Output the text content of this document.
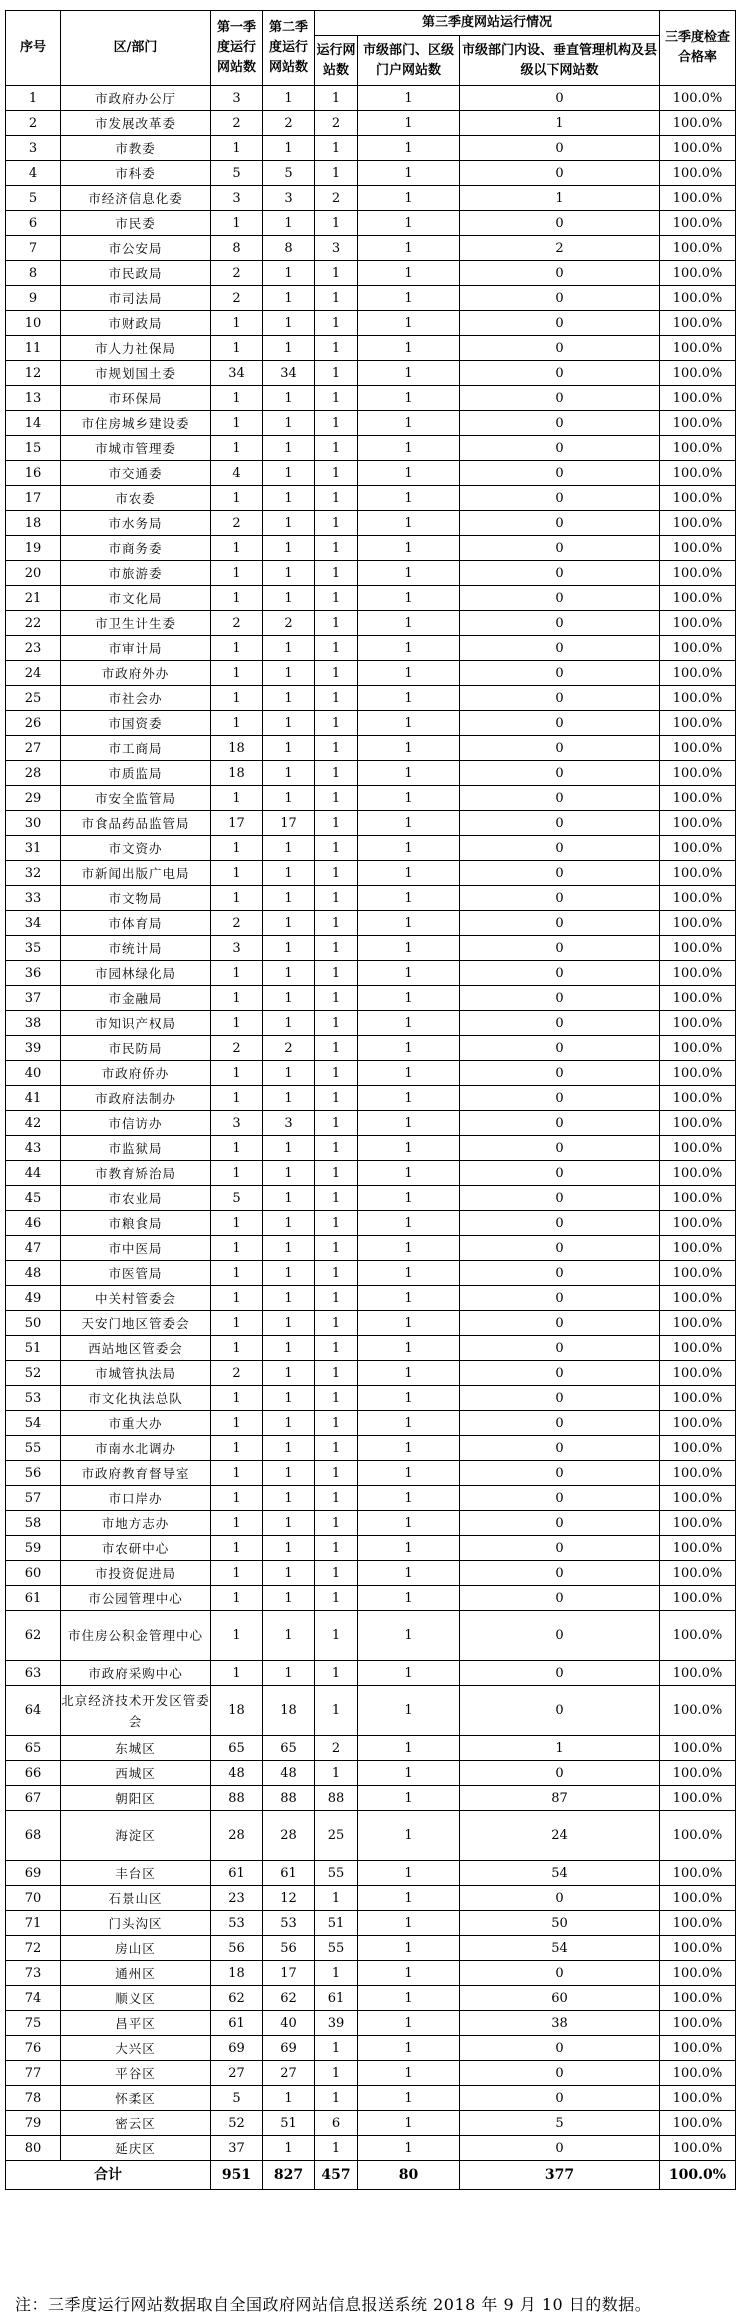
序号	区/部门	第一季度运行网站数	第二季度运行网站数	第三季度网站运行情况			三季度检查合格率
				运行网站数	市级部门、区级门户网站数	市级部门内设、垂直管理机构及县级以下网站数	
1	市政府办公厅	3	1	1	1	0	100.0%
2	市发展改革委	2	2	2	1	1	100.0%
3	市教委	1	1	1	1	0	100.0%
4	市科委	5	5	1	1	0	100.0%
5	市经济信息化委	3	3	2	1	1	100.0%
6	市民委	1	1	1	1	0	100.0%
7	市公安局	8	8	3	1	2	100.0%
8	市民政局	2	1	1	1	0	100.0%
9	市司法局	2	1	1	1	0	100.0%
10	市财政局	1	1	1	1	0	100.0%
11	市人力社保局	1	1	1	1	0	100.0%
12	市规划国土委	34	34	1	1	0	100.0%
13	市环保局	1	1	1	1	0	100.0%
14	市住房城乡建设委	1	1	1	1	0	100.0%
15	市城市管理委	1	1	1	1	0	100.0%
16	市交通委	4	1	1	1	0	100.0%
17	市农委	1	1	1	1	0	100.0%
18	市水务局	2	1	1	1	0	100.0%
19	市商务委	1	1	1	1	0	100.0%
20	市旅游委	1	1	1	1	0	100.0%
21	市文化局	1	1	1	1	0	100.0%
22	市卫生计生委	2	2	1	1	0	100.0%
23	市审计局	1	1	1	1	0	100.0%
24	市政府外办	1	1	1	1	0	100.0%
25	市社会办	1	1	1	1	0	100.0%
26	市国资委	1	1	1	1	0	100.0%
27	市工商局	18	1	1	1	0	100.0%
28	市质监局	18	1	1	1	0	100.0%
29	市安全监管局	1	1	1	1	0	100.0%
30	市食品药品监管局	17	17	1	1	0	100.0%
31	市文资办	1	1	1	1	0	100.0%
32	市新闻出版广电局	1	1	1	1	0	100.0%
33	市文物局	1	1	1	1	0	100.0%
34	市体育局	2	1	1	1	0	100.0%
35	市统计局	3	1	1	1	0	100.0%
36	市园林绿化局	1	1	1	1	0	100.0%
37	市金融局	1	1	1	1	0	100.0%
38	市知识产权局	1	1	1	1	0	100.0%
39	市民防局	2	2	1	1	0	100.0%
40	市政府侨办	1	1	1	1	0	100.0%
41	市政府法制办	1	1	1	1	0	100.0%
42	市信访办	3	3	1	1	0	100.0%
43	市监狱局	1	1	1	1	0	100.0%
44	市教育矫治局	1	1	1	1	0	100.0%
45	市农业局	5	1	1	1	0	100.0%
46	市粮食局	1	1	1	1	0	100.0%
47	市中医局	1	1	1	1	0	100.0%
48	市医管局	1	1	1	1	0	100.0%
49	中关村管委会	1	1	1	1	0	100.0%
50	天安门地区管委会	1	1	1	1	0	100.0%
51	西站地区管委会	1	1	1	1	0	100.0%
52	市城管执法局	2	1	1	1	0	100.0%
53	市文化执法总队	1	1	1	1	0	100.0%
54	市重大办	1	1	1	1	0	100.0%
55	市南水北调办	1	1	1	1	0	100.0%
56	市政府教育督导室	1	1	1	1	0	100.0%
57	市口岸办	1	1	1	1	0	100.0%
58	市地方志办	1	1	1	1	0	100.0%
59	市农研中心	1	1	1	1	0	100.0%
60	市投资促进局	1	1	1	1	0	100.0%
61	市公园管理中心	1	1	1	1	0	100.0%
62	市住房公积金管理中心	1	1	1	1	0	100.0%
63	市政府采购中心	1	1	1	1	0	100.0%
64	北京经济技术开发区管委会	18	18	1	1	0	100.0%
65	东城区	65	65	2	1	1	100.0%
66	西城区	48	48	1	1	0	100.0%
67	朝阳区	88	88	88	1	87	100.0%
68	海淀区	28	28	25	1	24	100.0%
69	丰台区	61	61	55	1	54	100.0%
70	石景山区	23	12	1	1	0	100.0%
71	门头沟区	53	53	51	1	50	100.0%
72	房山区	56	56	55	1	54	100.0%
73	通州区	18	17	1	1	0	100.0%
74	顺义区	62	62	61	1	60	100.0%
75	昌平区	61	40	39	1	38	100.0%
76	大兴区	69	69	1	1	0	100.0%
77	平谷区	27	27	1	1	0	100.0%
78	怀柔区	5	1	1	1	0	100.0%
79	密云区	52	51	6	1	5	100.0%
80	延庆区	37	1	1	1	0	100.0%
合计		951	827	457	80	377	100.0%
注：三季度运行网站数据取自全国政府网站信息报送系统 2018 年 9 月 10 日的数据。
